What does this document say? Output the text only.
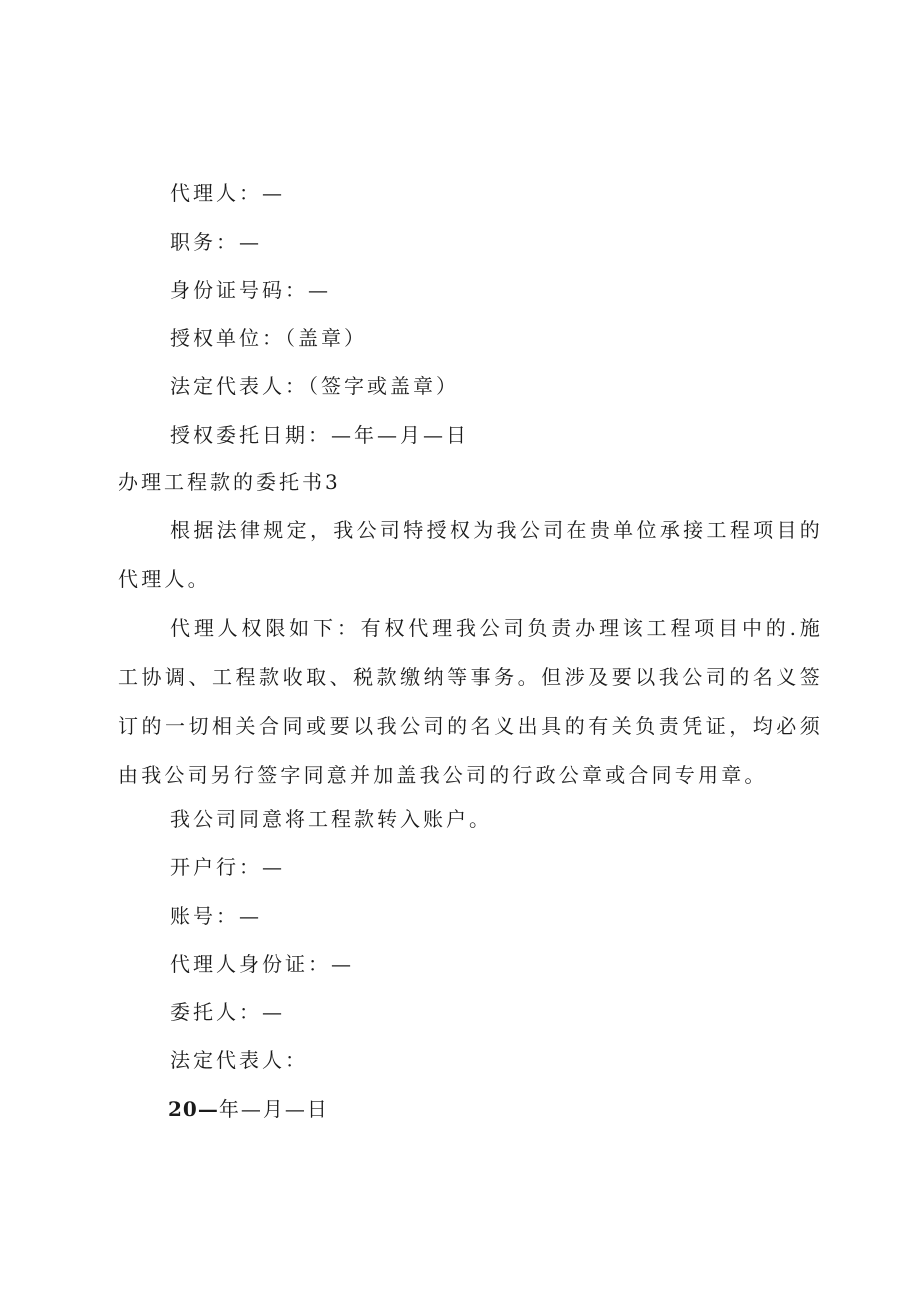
代理人：—
职务：—
身份证号码：—
授权单位：（盖章）
法定代表人：（签字或盖章）
授权委托日期：—年—月—日
办理工程款的委托书3
根据法律规定，我公司特授权为我公司在贵单位承接工程项目的代理人。
代理人权限如下：有权代理我公司负责办理该工程项目中的.施工协调、工程款收取、税款缴纳等事务。但涉及要以我公司的名义签订的一切相关合同或要以我公司的名义出具的有关负责凭证，均必须由我公司另行签字同意并加盖我公司的行政公章或合同专用章。
我公司同意将工程款转入账户。
开户行：—
账号：—
代理人身份证：—
委托人：—
法定代表人：
20—年—月—日
